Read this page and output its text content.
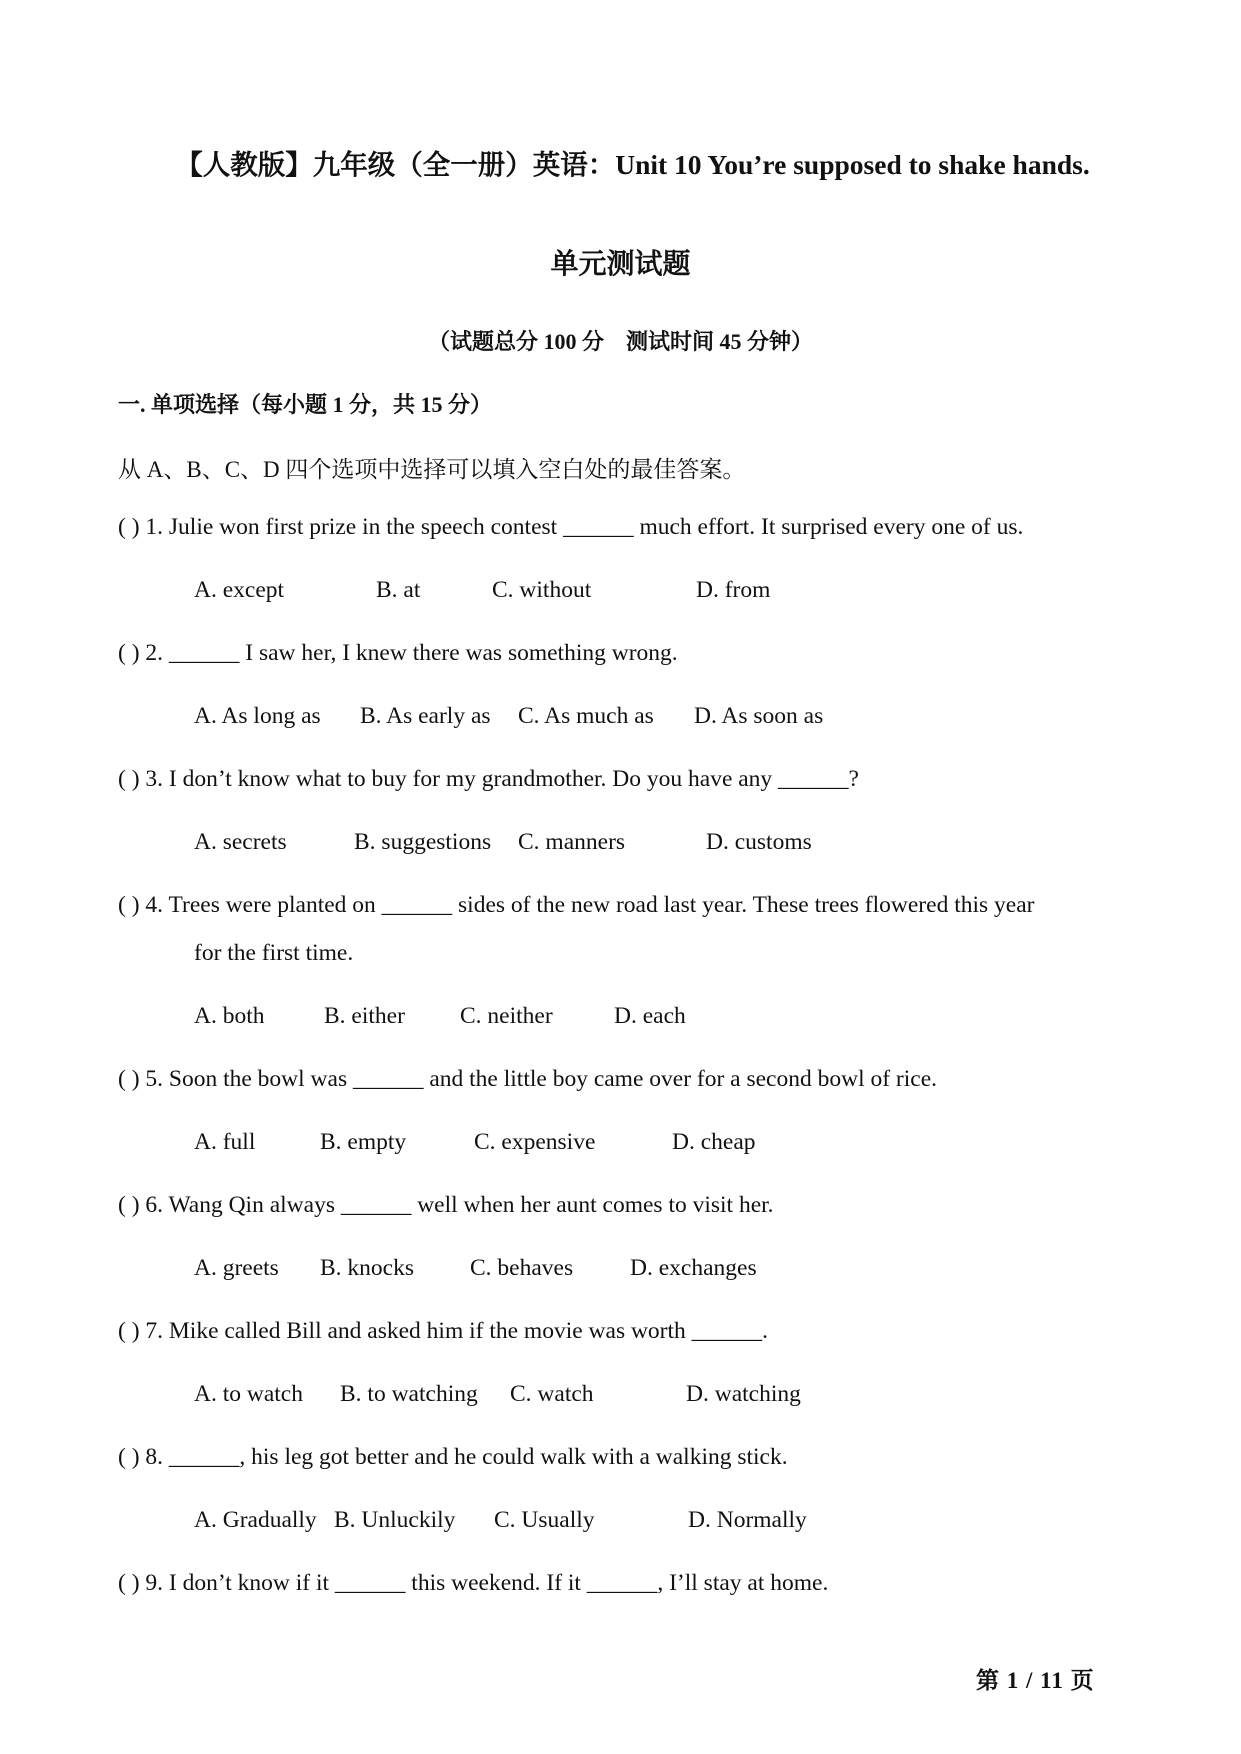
【人教版】九年级（全一册）英语：Unit 10 You’re supposed to shake hands.
单元测试题
（试题总分 100 分　测试时间 45 分钟）
一. 单项选择（每小题 1 分，共 15 分）
从 A、B、C、D 四个选项中选择可以填入空白处的最佳答案。
( ) 1. Julie won first prize in the speech contest ______ much effort. It surprised every one of us.
A. except	B. at	C. without	D. from
( ) 2. ______ I saw her, I knew there was something wrong.
A. As long as B. As early as C. As much as D. As soon as
( ) 3. I don’t know what to buy for my grandmother. Do you have any ______?
A. secrets	B. suggestions C. manners	D. customs
( ) 4. Trees were planted on ______ sides of the new road last year. These trees flowered this year
for the first time.
A. both	B. either C. neither	D. each
( ) 5. Soon the bowl was ______ and the little boy came over for a second bowl of rice.
A. full	B. empty	C. expensive	D. cheap
( ) 6. Wang Qin always ______ well when her aunt comes to visit her.
A. greets B. knocks C. behaves D. exchanges
( ) 7. Mike called Bill and asked him if the movie was worth ______.
A. to watch B. to watching C. watch	D. watching
( ) 8. ______, his leg got better and he could walk with a walking stick.
A. Gradually B. Unluckily C. Usually	D. Normally
( ) 9. I don’t know if it ______ this weekend. If it ______, I’ll stay at home.
第 1 / 11 页
